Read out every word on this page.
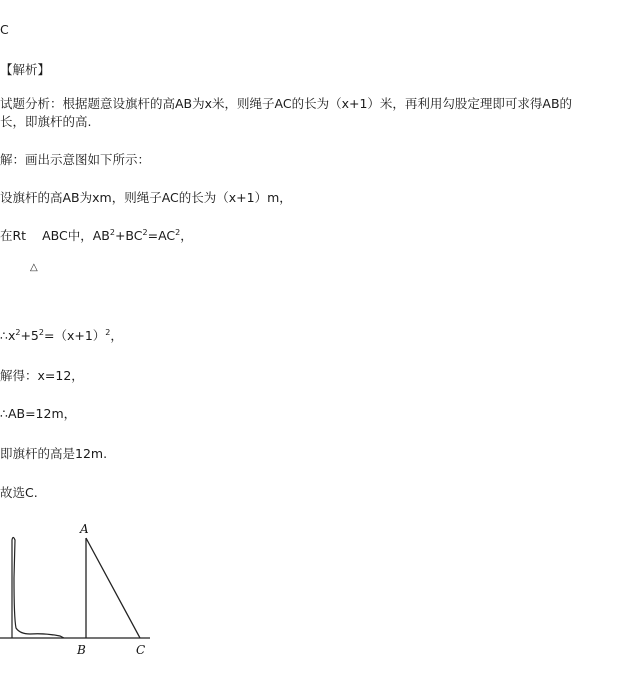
C
【解析】
试题分析：根据题意设旗杆的高AB为x米，则绳子AC的长为（x+1）米，再利用勾股定理即可求得AB的
长，即旗杆的高.
解：画出示意图如下所示：
设旗杆的高AB为xm，则绳子AC的长为（x+1）m，
在Rt ABC中，$AB^2+BC^2=AC^2$，
△
$\therefore x^2+5^2=(x+1)^2$，
解得：x=12，
∴AB=12m，
即旗杆的高是12m.
故选C.
A
B	C
